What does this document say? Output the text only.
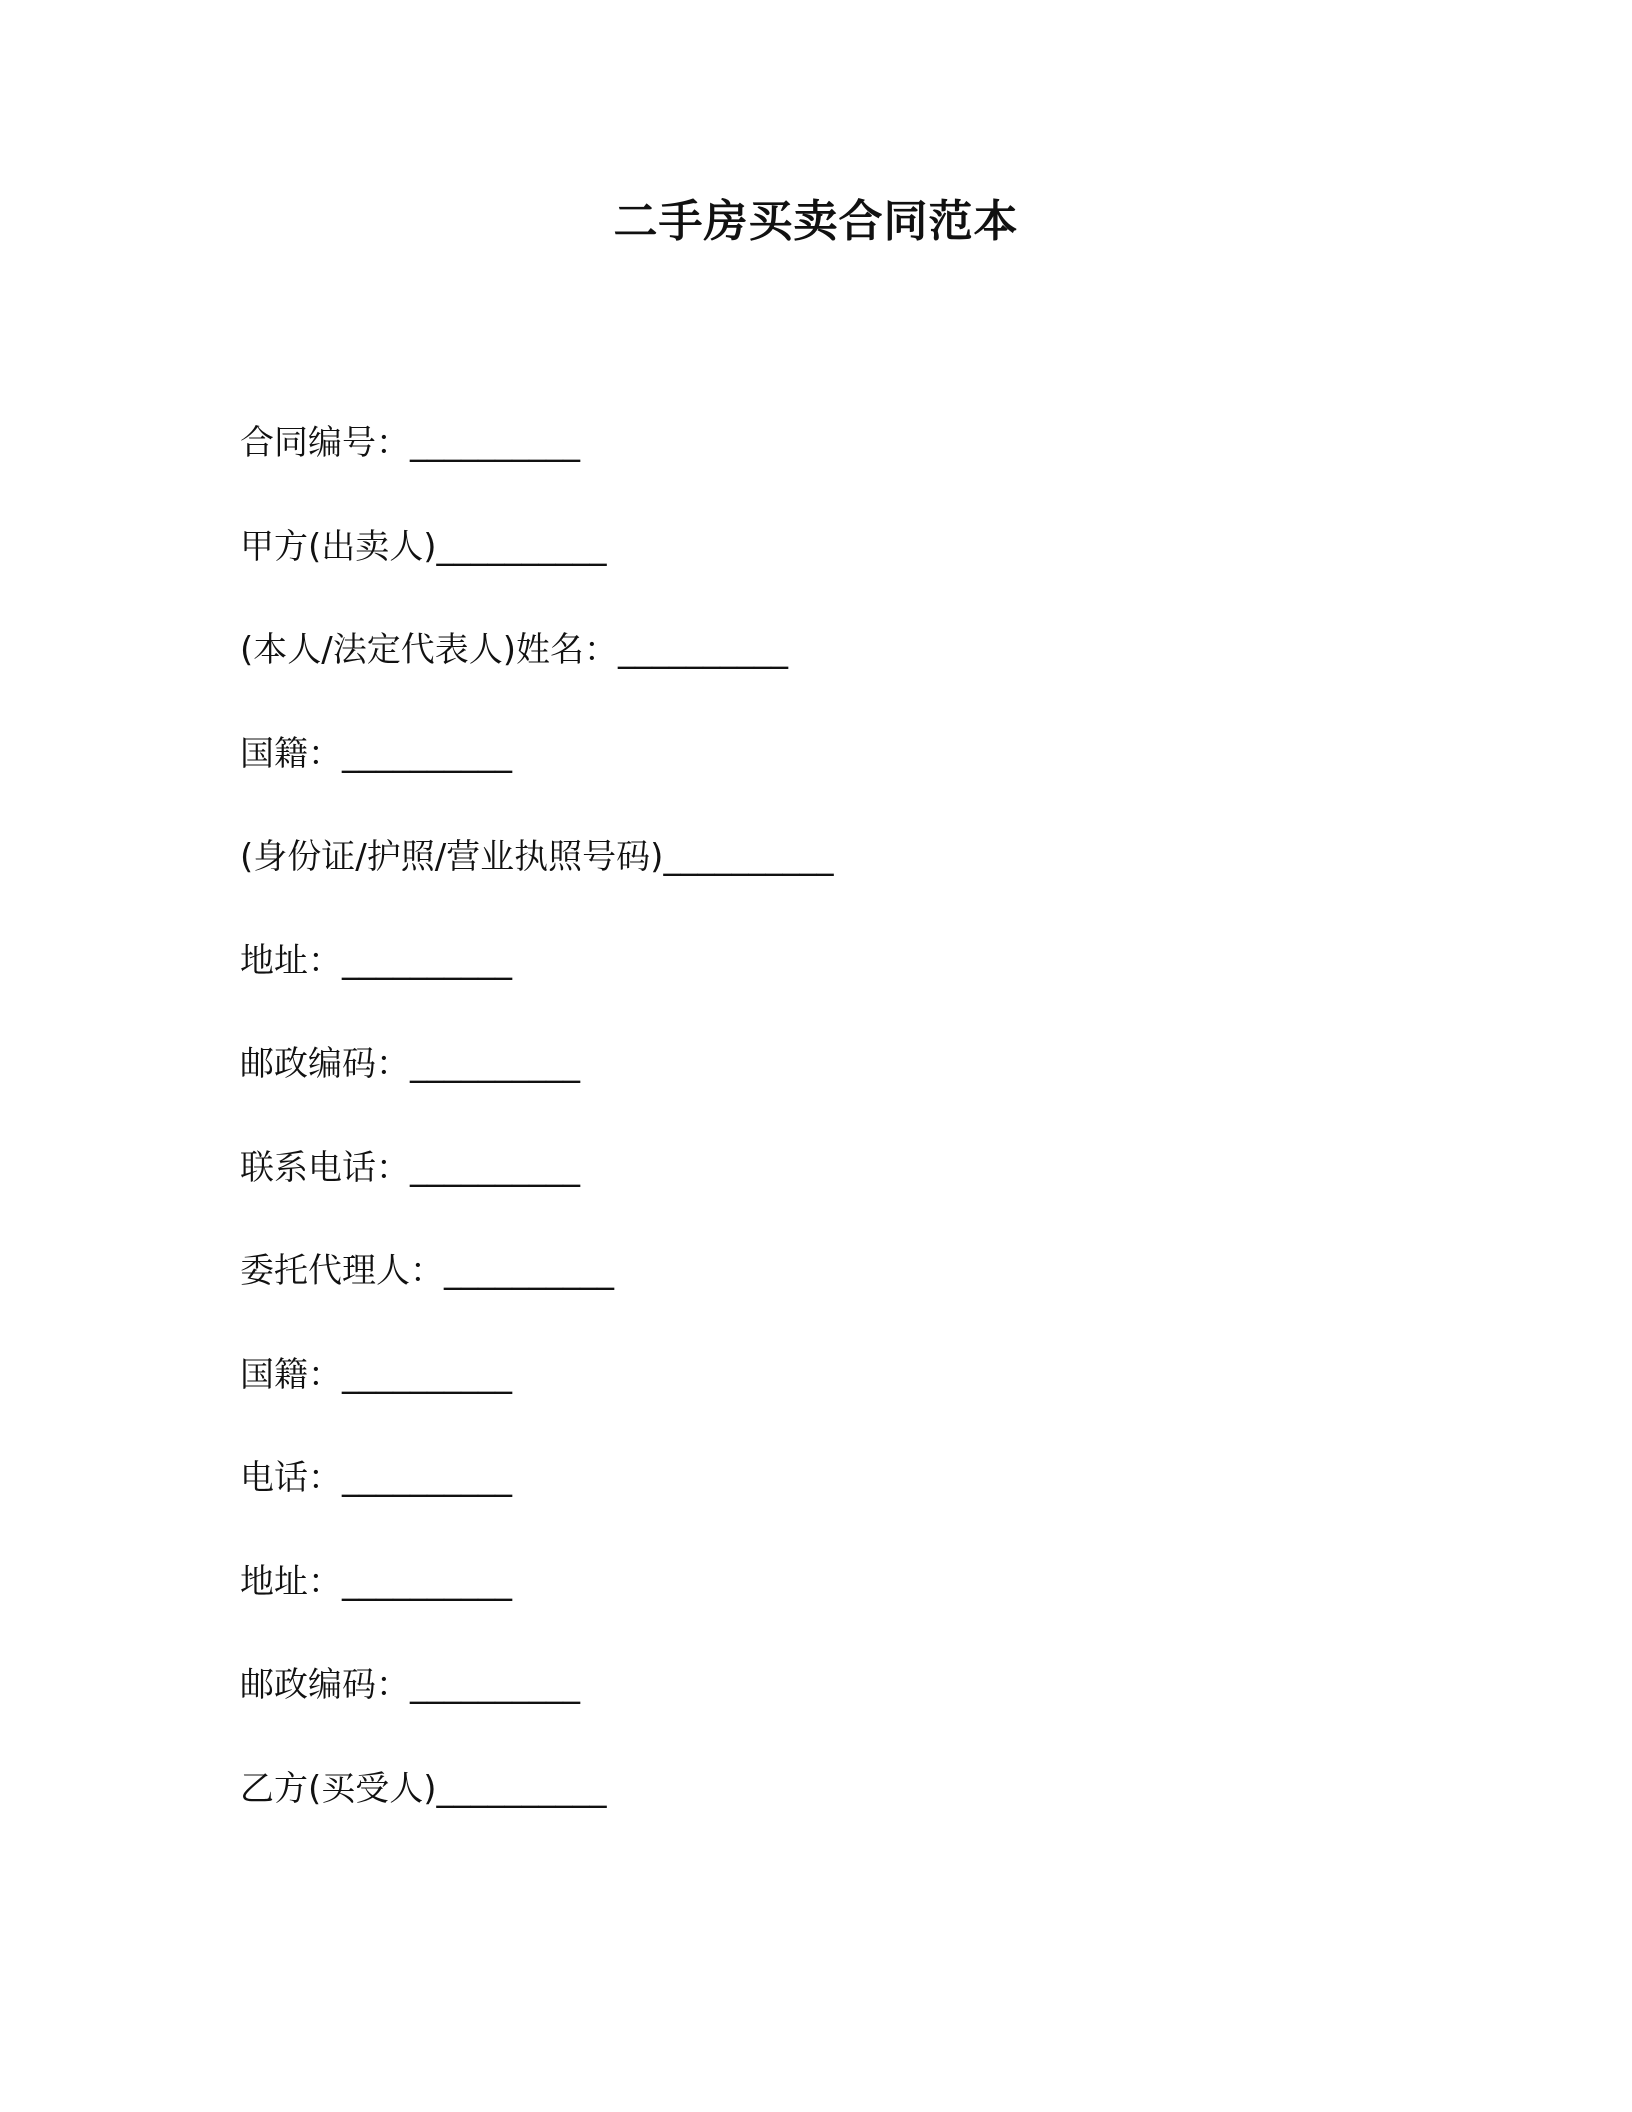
二手房买卖合同范本
合同编号：__________
甲方(出卖人)__________
(本人/法定代表人)姓名：__________
国籍：__________
(身份证/护照/营业执照号码)__________
地址：__________
邮政编码：__________
联系电话：__________
委托代理人：__________
国籍：__________
电话：__________
地址：__________
邮政编码：__________
乙方(买受人)__________
